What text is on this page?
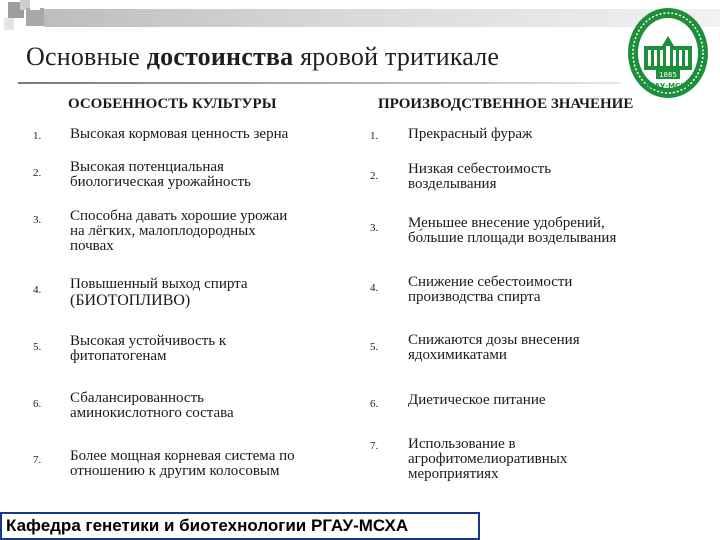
Основные достоинства яровой тритикале
1865
РГАУ-МСХА
ОСОБЕННОСТЬ КУЛЬТУРЫ	ПРОИЗВОДСТВЕННОЕ ЗНАЧЕНИЕ
1. Высокая кормовая ценность зерна
2. Высокая потенциальная
биологическая урожайность
3. Способна давать хорошие урожаи
на лёгких, малоплодородных
почвах
4. Повышенный выход спирта
(БИОТОПЛИВО)
5. Высокая устойчивость к
фитопатогенам
6. Сбалансированность
аминокислотного состава
7. Более мощная корневая система по
отношению к другим колосовым
1. Прекрасный фураж
2. Низкая себестоимость
возделывания
3. Меньшее внесение удобрений,
бо́льшие площади возделывания
4. Снижение себестоимости
производства спирта
5. Снижаются дозы внесения
ядохимикатами
6. Диетическое питание
7. Использование в
агрофитомелиоративных
мероприятиях
Кафедра генетики и биотехнологии РГАУ-МСХА
